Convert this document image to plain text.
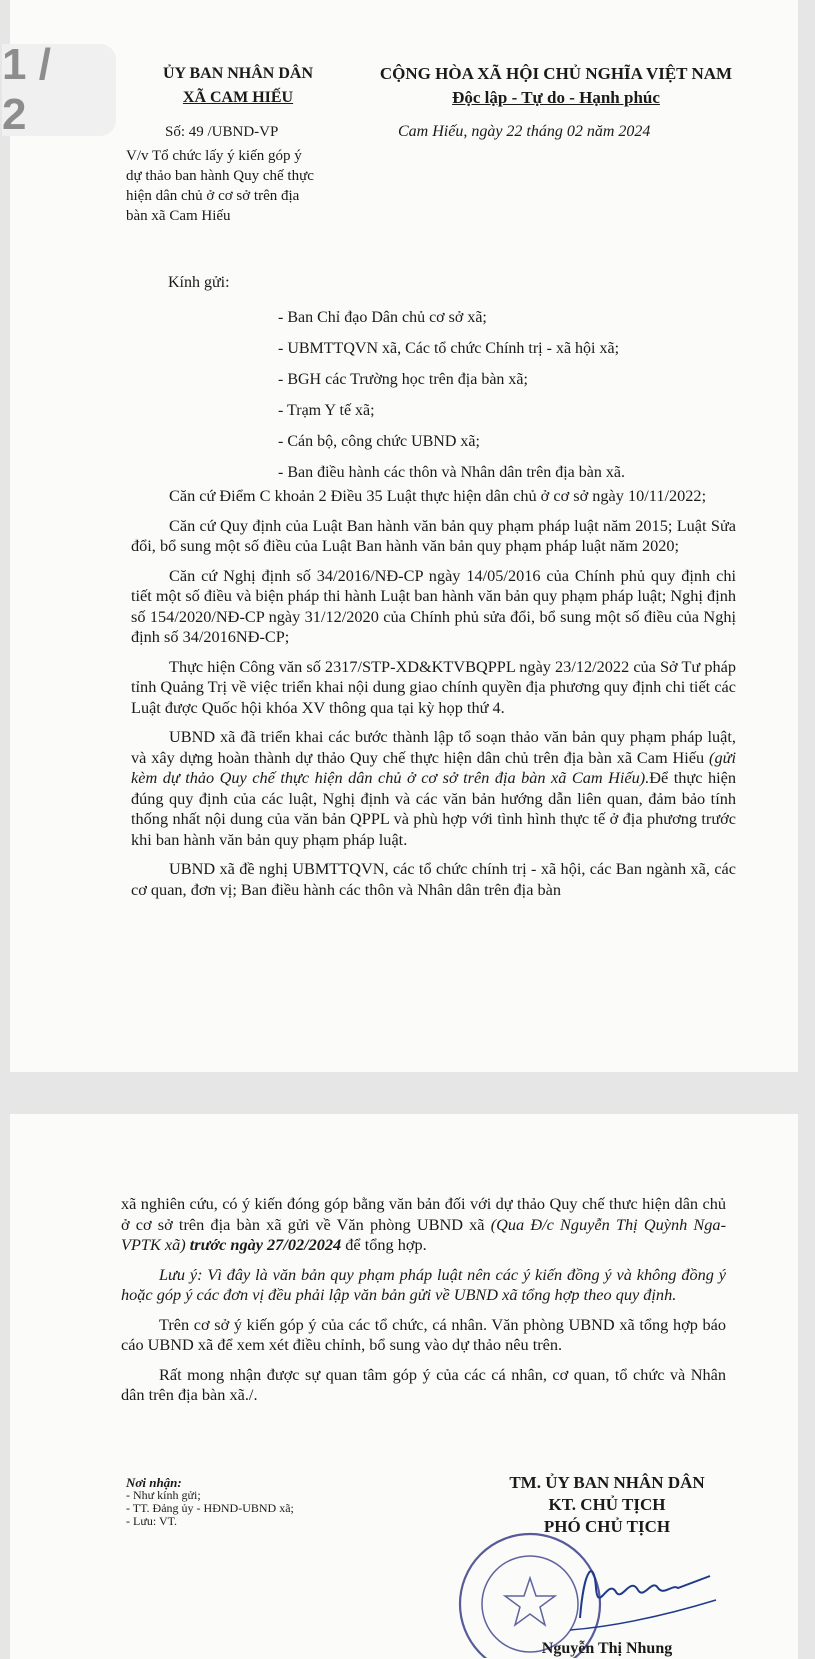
1 / 2
ỦY BAN NHÂN DÂN
XÃ CAM HIẾU
CỘNG HÒA XÃ HỘI CHỦ NGHĨA VIỆT NAM
Độc lập - Tự do - Hạnh phúc
Số: 49 /UBND-VP	Cam Hiếu, ngày 22 tháng 02 năm 2024
V/v Tổ chức lấy ý kiến góp ý
dự thảo ban hành Quy chế thực
hiện dân chủ ở cơ sở trên địa
bàn xã Cam Hiếu
Kính gửi:
- Ban Chỉ đạo Dân chủ cơ sở xã;
- UBMTTQVN xã, Các tổ chức Chính trị - xã hội xã;
- BGH các Trường học trên địa bàn xã;
- Trạm Y tế xã;
- Cán bộ, công chức UBND xã;
- Ban điều hành các thôn và Nhân dân trên địa bàn xã.

Căn cứ Điểm C khoản 2 Điều 35 Luật thực hiện dân chủ ở cơ sở ngày 10/11/2022;

Căn cứ Quy định của Luật Ban hành văn bản quy phạm pháp luật năm 2015; Luật Sửa đổi, bổ sung một số điều của Luật Ban hành văn bản quy phạm pháp luật năm 2020;

Căn cứ Nghị định số 34/2016/NĐ-CP ngày 14/05/2016 của Chính phủ quy định chi tiết một số điều và biện pháp thi hành Luật ban hành văn bản quy phạm pháp luật; Nghị định số 154/2020/NĐ-CP ngày 31/12/2020 của Chính phủ sửa đổi, bổ sung một số điều của Nghị định số 34/2016NĐ-CP;

Thực hiện Công văn số 2317/STP-XD&KTVBQPPL ngày 23/12/2022 của Sở Tư pháp tỉnh Quảng Trị về việc triển khai nội dung giao chính quyền địa phương quy định chi tiết các Luật được Quốc hội khóa XV thông qua tại kỳ họp thứ 4.

UBND xã đã triển khai các bước thành lập tổ soạn thảo văn bản quy phạm pháp luật, và xây dựng hoàn thành dự thảo Quy chế thực hiện dân chủ trên địa bàn xã Cam Hiếu (gửi kèm dự thảo Quy chế thực hiện dân chủ ở cơ sở trên địa bàn xã Cam Hiếu).Để thực hiện đúng quy định của các luật, Nghị định và các văn bản hướng dẫn liên quan, đảm bảo tính thống nhất nội dung của văn bản QPPL và phù hợp với tình hình thực tế ở địa phương trước khi ban hành văn bản quy phạm pháp luật.

UBND xã đề nghị UBMTTQVN, các tổ chức chính trị - xã hội, các Ban ngành xã, các cơ quan, đơn vị; Ban điều hành các thôn và Nhân dân trên địa bàn

xã nghiên cứu, có ý kiến đóng góp bằng văn bản đối với dự thảo Quy chế thưc hiện dân chủ ở cơ sở trên địa bàn xã gửi về Văn phòng UBND xã (Qua Đ/c Nguyễn Thị Quỳnh Nga- VPTK xã) trước ngày 27/02/2024 để tổng hợp.

Lưu ý: Vì đây là văn bản quy phạm pháp luật nên các ý kiến đồng ý và không đồng ý hoặc góp ý các đơn vị đều phải lập văn bản gửi về UBND xã tổng hợp theo quy định.

Trên cơ sở ý kiến góp ý của các tổ chức, cá nhân. Văn phòng UBND xã tổng hợp báo cáo UBND xã để xem xét điều chỉnh, bổ sung vào dự thảo nêu trên.

Rất mong nhận được sự quan tâm góp ý của các cá nhân, cơ quan, tổ chức và Nhân dân trên địa bàn xã./.

Nơi nhận:
- Như kính gửi;
- TT. Đảng ủy - HĐND-UBND xã;
- Lưu: VT.
TM. ỦY BAN NHÂN DÂN
KT. CHỦ TỊCH
PHÓ CHỦ TỊCH
Nguyễn Thị Nhung
